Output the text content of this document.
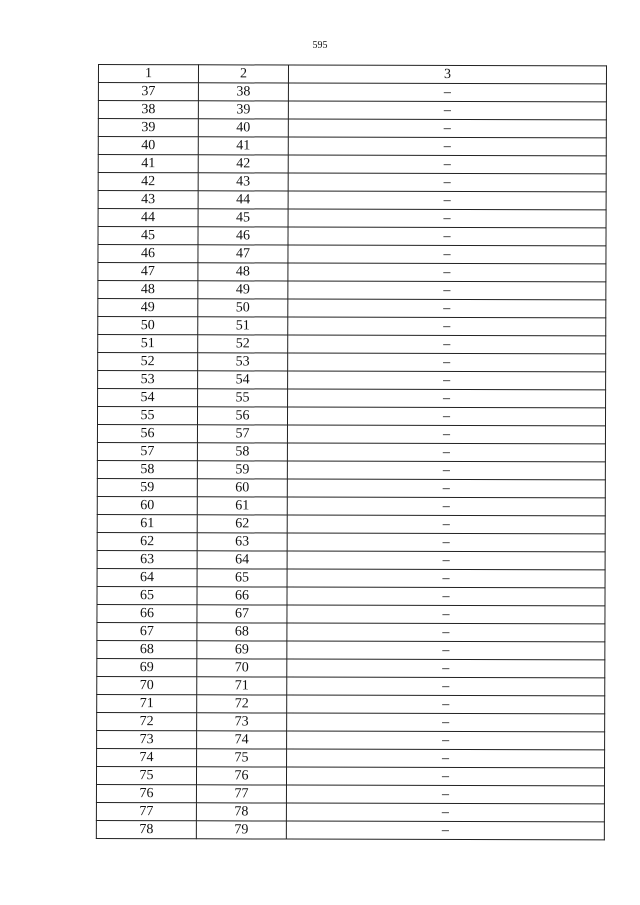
595
1	2	3
37	38	–
38	39	–
39	40	–
40	41	–
41	42	–
42	43	–
43	44	–
44	45	–
45	46	–
46	47	–
47	48	–
48	49	–
49	50	–
50	51	–
51	52	–
52	53	–
53	54	–
54	55	–
55	56	–
56	57	–
57	58	–
58	59	–
59	60	–
60	61	–
61	62	–
62	63	–
63	64	–
64	65	–
65	66	–
66	67	–
67	68	–
68	69	–
69	70	–
70	71	–
71	72	–
72	73	–
73	74	–
74	75	–
75	76	–
76	77	–
77	78	–
78	79	–
